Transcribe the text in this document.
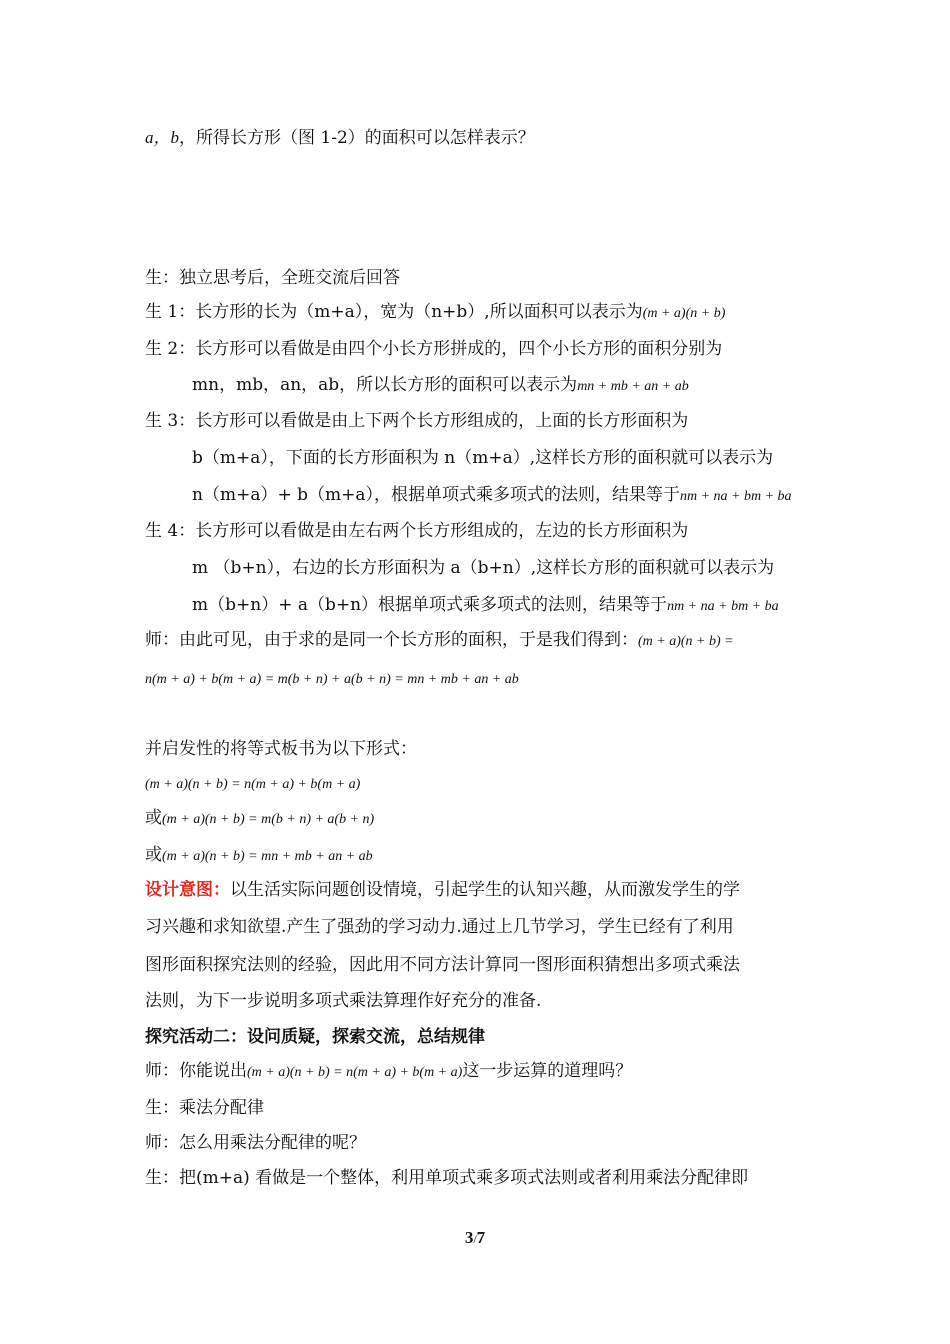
a，b，所得长方形（图 1-2）的面积可以怎样表示？
生：独立思考后，全班交流后回答
生 1：长方形的长为（m+a），宽为（n+b）,所以面积可以表示为(m + a)(n + b)
生 2：长方形可以看做是由四个小长方形拼成的，四个小长方形的面积分别为
mn，mb，an，ab，所以长方形的面积可以表示为mn + mb + an + ab
生 3：长方形可以看做是由上下两个长方形组成的，上面的长方形面积为
b（m+a），下面的长方形面积为 n（m+a）,这样长方形的面积就可以表示为
n（m+a）+ b（m+a），根据单项式乘多项式的法则，结果等于nm + na + bm + ba
生 4：长方形可以看做是由左右两个长方形组成的，左边的长方形面积为
m （b+n），右边的长方形面积为 a（b+n）,这样长方形的面积就可以表示为
m（b+n）+ a（b+n）根据单项式乘多项式的法则，结果等于nm + na + bm + ba
师：由此可见，由于求的是同一个长方形的面积，于是我们得到：(m + a)(n + b) =
n(m + a) + b(m + a) = m(b + n) + a(b + n) = mn + mb + an + ab
并启发性的将等式板书为以下形式：
(m + a)(n + b) = n(m + a) + b(m + a)
或(m + a)(n + b) = m(b + n) + a(b + n)
或(m + a)(n + b) = mn + mb + an + ab
设计意图：以生活实际问题创设情境，引起学生的认知兴趣，从而激发学生的学
习兴趣和求知欲望.产生了强劲的学习动力.通过上几节学习，学生已经有了利用
图形面积探究法则的经验，因此用不同方法计算同一图形面积猜想出多项式乘法
法则，为下一步说明多项式乘法算理作好充分的准备.
探究活动二：设问质疑，探索交流，总结规律
师：你能说出(m + a)(n + b) = n(m + a) + b(m + a)这一步运算的道理吗？
生：乘法分配律
师：怎么用乘法分配律的呢？
生：把(m+a) 看做是一个整体，利用单项式乘多项式法则或者利用乘法分配律即
3/7
